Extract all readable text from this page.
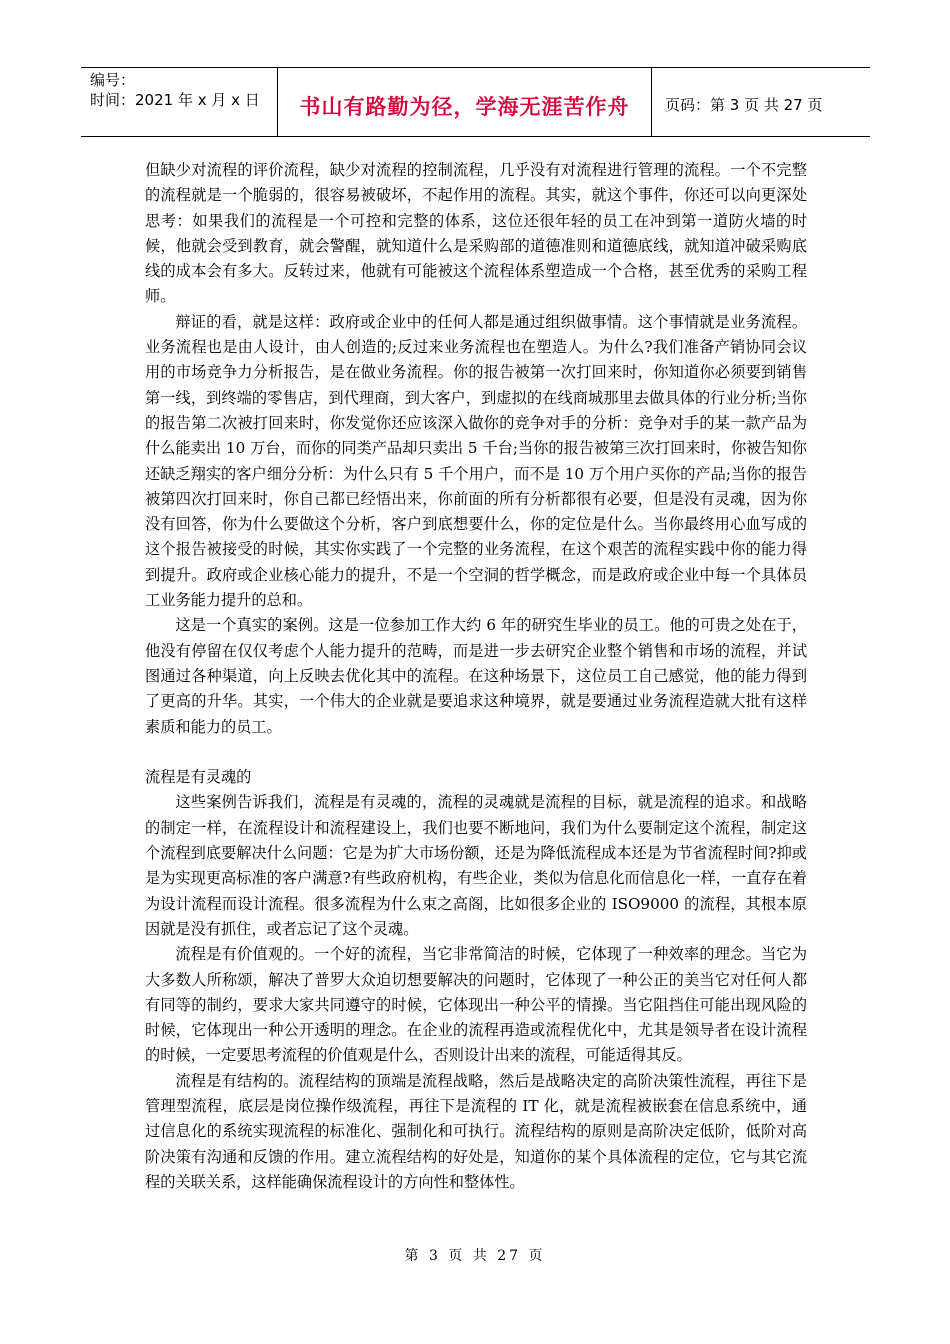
编号：
时间：2021 年 x 月 x 日	书山有路勤为径，学海无涯苦作舟	页码：第 3 页 共 27 页

但缺少对流程的评价流程，缺少对流程的控制流程，几乎没有对流程进行管理的流程。一个不完整的流程就是一个脆弱的，很容易被破坏，不起作用的流程。其实，就这个事件，你还可以向更深处思考：如果我们的流程是一个可控和完整的体系，这位还很年轻的员工在冲到第一道防火墙的时候，他就会受到教育，就会警醒，就知道什么是采购部的道德准则和道德底线，就知道冲破采购底线的成本会有多大。反转过来，他就有可能被这个流程体系塑造成一个合格，甚至优秀的采购工程师。

辩证的看，就是这样：政府或企业中的任何人都是通过组织做事情。这个事情就是业务流程。业务流程也是由人设计，由人创造的;反过来业务流程也在塑造人。为什么?我们准备产销协同会议用的市场竞争力分析报告，是在做业务流程。你的报告被第一次打回来时，你知道你必须要到销售第一线，到终端的零售店，到代理商，到大客户，到虚拟的在线商城那里去做具体的行业分析;当你的报告第二次被打回来时，你发觉你还应该深入做你的竞争对手的分析：竞争对手的某一款产品为什么能卖出 10 万台，而你的同类产品却只卖出 5 千台;当你的报告被第三次打回来时，你被告知你还缺乏翔实的客户细分分析：为什么只有 5 千个用户，而不是 10 万个用户买你的产品;当你的报告被第四次打回来时，你自己都已经悟出来，你前面的所有分析都很有必要，但是没有灵魂，因为你没有回答，你为什么要做这个分析，客户到底想要什么，你的定位是什么。当你最终用心血写成的这个报告被接受的时候，其实你实践了一个完整的业务流程，在这个艰苦的流程实践中你的能力得到提升。政府或企业核心能力的提升，不是一个空洞的哲学概念，而是政府或企业中每一个具体员工业务能力提升的总和。

这是一个真实的案例。这是一位参加工作大约 6 年的研究生毕业的员工。他的可贵之处在于，他没有停留在仅仅考虑个人能力提升的范畴，而是进一步去研究企业整个销售和市场的流程，并试图通过各种渠道，向上反映去优化其中的流程。在这种场景下，这位员工自己感觉，他的能力得到了更高的升华。其实，一个伟大的企业就是要追求这种境界，就是要通过业务流程造就大批有这样素质和能力的员工。

流程是有灵魂的

这些案例告诉我们，流程是有灵魂的，流程的灵魂就是流程的目标，就是流程的追求。和战略的制定一样，在流程设计和流程建设上，我们也要不断地问，我们为什么要制定这个流程，制定这个流程到底要解决什么问题：它是为扩大市场份额，还是为降低流程成本还是为节省流程时间?抑或是为实现更高标准的客户满意?有些政府机构，有些企业，类似为信息化而信息化一样，一直存在着为设计流程而设计流程。很多流程为什么束之高阁，比如很多企业的 ISO9000 的流程，其根本原因就是没有抓住，或者忘记了这个灵魂。

流程是有价值观的。一个好的流程，当它非常简洁的时候，它体现了一种效率的理念。当它为大多数人所称颂，解决了普罗大众迫切想要解决的问题时，它体现了一种公正的美当它对任何人都有同等的制约，要求大家共同遵守的时候，它体现出一种公平的情操。当它阻挡住可能出现风险的时候，它体现出一种公开透明的理念。在企业的流程再造或流程优化中，尤其是领导者在设计流程的时候，一定要思考流程的价值观是什么，否则设计出来的流程，可能适得其反。

流程是有结构的。流程结构的顶端是流程战略，然后是战略决定的高阶决策性流程，再往下是管理型流程，底层是岗位操作级流程，再往下是流程的 IT 化，就是流程被嵌套在信息系统中，通过信息化的系统实现流程的标准化、强制化和可执行。流程结构的原则是高阶决定低阶，低阶对高阶决策有沟通和反馈的作用。建立流程结构的好处是，知道你的某个具体流程的定位，它与其它流程的关联关系，这样能确保流程设计的方向性和整体性。

第 3 页 共 27 页
